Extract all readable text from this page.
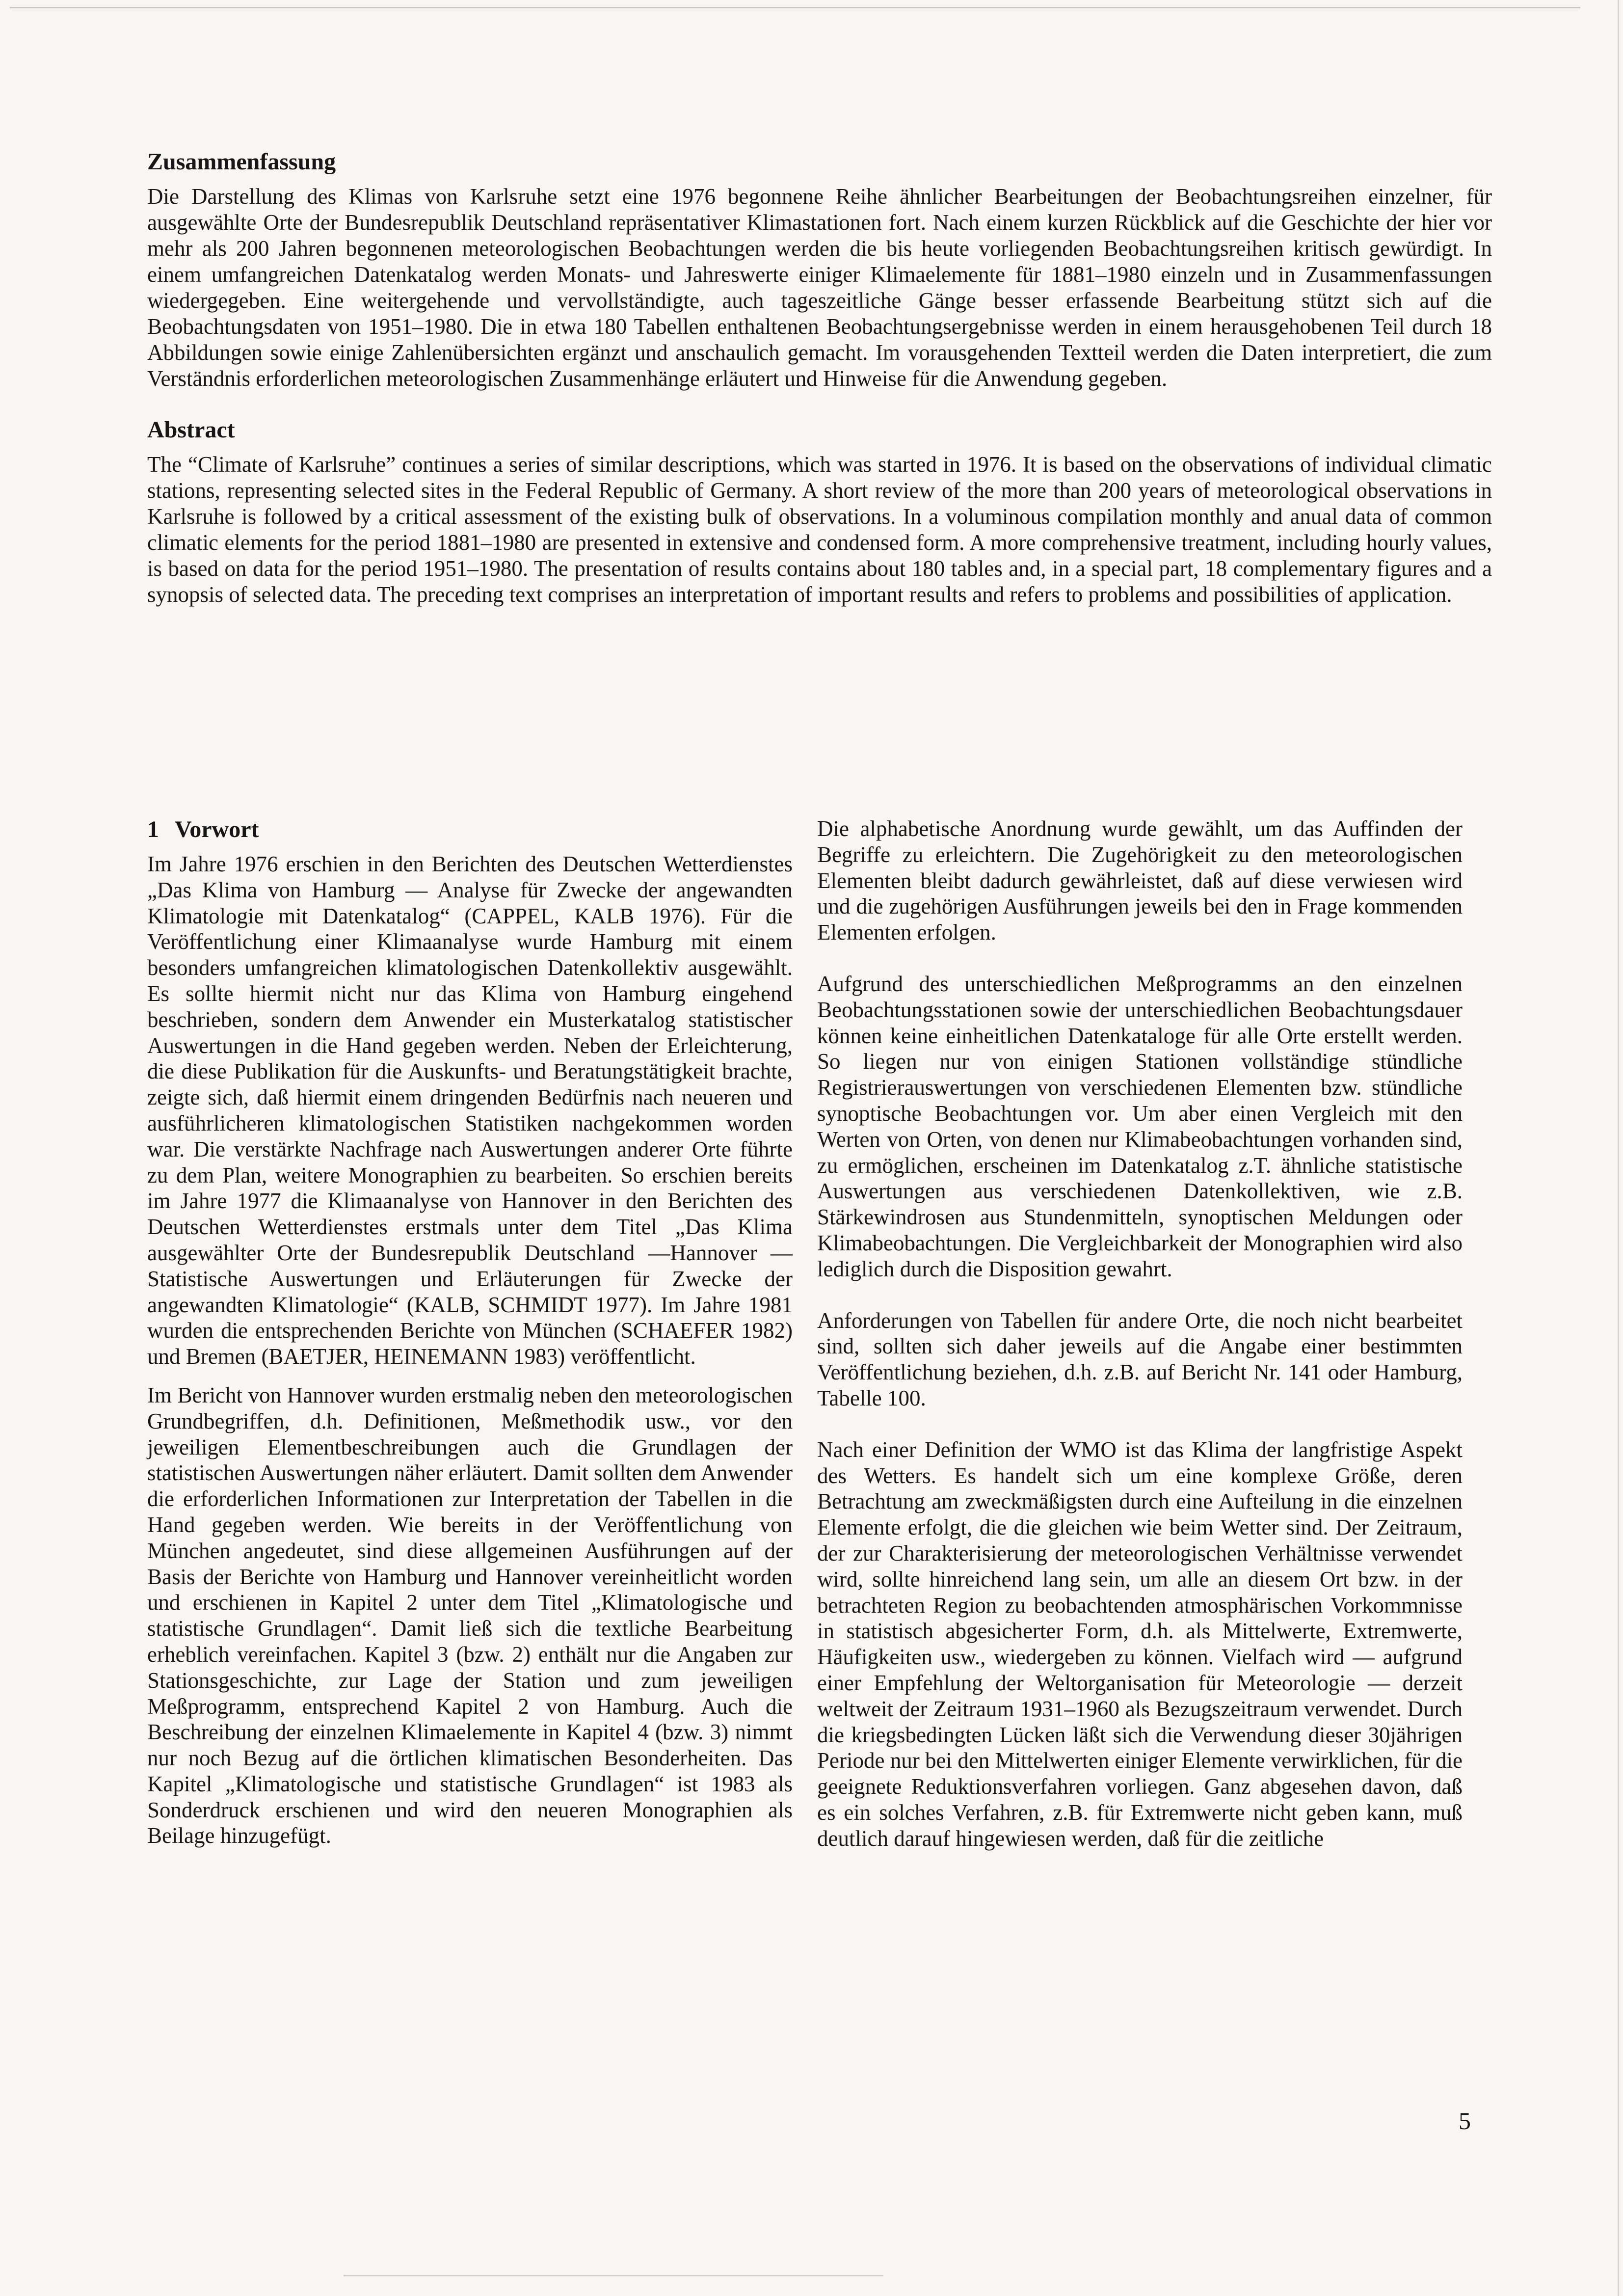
Zusammenfassung

Die Darstellung des Klimas von Karlsruhe setzt eine 1976 begonnene Reihe ähnlicher Bearbeitungen der Beobachtungsreihen einzelner, für ausgewählte Orte der Bundesrepublik Deutschland repräsentativer Klimastationen fort. Nach einem kurzen Rückblick auf die Geschichte der hier vor mehr als 200 Jahren begonnenen meteorologischen Beobachtungen werden die bis heute vorliegenden Beobachtungsreihen kritisch gewürdigt. In einem umfangreichen Datenkatalog werden Monats- und Jahreswerte einiger Klimaelemente für 1881–1980 einzeln und in Zusammenfassungen wiedergegeben. Eine weitergehende und vervollständigte, auch tageszeitliche Gänge besser erfassende Bearbeitung stützt sich auf die Beobachtungsdaten von 1951–1980. Die in etwa 180 Tabellen enthaltenen Beobachtungsergebnisse werden in einem herausgehobenen Teil durch 18 Abbildungen sowie einige Zahlenübersichten ergänzt und anschaulich gemacht. Im vorausgehenden Textteil werden die Daten interpretiert, die zum Verständnis erforderlichen meteorologischen Zusammenhänge erläutert und Hinweise für die Anwendung gegeben.

Abstract

The “Climate of Karlsruhe” continues a series of similar descriptions, which was started in 1976. It is based on the observations of individual climatic stations, representing selected sites in the Federal Republic of Germany. A short review of the more than 200 years of meteorological observations in Karlsruhe is followed by a critical assessment of the existing bulk of observations. In a voluminous compilation monthly and anual data of common climatic elements for the period 1881–1980 are presented in extensive and condensed form. A more comprehensive treatment, including hourly values, is based on data for the period 1951–1980. The presentation of results contains about 180 tables and, in a special part, 18 complementary figures and a synopsis of selected data. The preceding text comprises an interpretation of important results and refers to problems and possibilities of application.

1 Vorwort

Im Jahre 1976 erschien in den Berichten des Deutschen Wetterdienstes „Das Klima von Hamburg — Analyse für Zwecke der angewandten Klimatologie mit Datenkatalog“ (CAPPEL, KALB 1976). Für die Veröffentlichung einer Klimaanalyse wurde Hamburg mit einem besonders umfangreichen klimatologischen Datenkollektiv ausgewählt. Es sollte hiermit nicht nur das Klima von Hamburg eingehend beschrieben, sondern dem Anwender ein Musterkatalog statistischer Auswertungen in die Hand gegeben werden. Neben der Erleichterung, die diese Publikation für die Auskunfts- und Beratungstätigkeit brachte, zeigte sich, daß hiermit einem dringenden Bedürfnis nach neueren und ausführlicheren klimatologischen Statistiken nachgekommen worden war. Die verstärkte Nachfrage nach Auswertungen anderer Orte führte zu dem Plan, weitere Monographien zu bearbeiten. So erschien bereits im Jahre 1977 die Klimaanalyse von Hannover in den Berichten des Deutschen Wetterdienstes erstmals unter dem Titel „Das Klima ausgewählter Orte der Bundesrepublik Deutschland —Hannover — Statistische Auswertungen und Erläuterungen für Zwecke der angewandten Klimatologie“ (KALB, SCHMIDT 1977). Im Jahre 1981 wurden die entsprechenden Berichte von München (SCHAEFER 1982) und Bremen (BAETJER, HEINEMANN 1983) veröffentlicht.

Im Bericht von Hannover wurden erstmalig neben den meteorologischen Grundbegriffen, d.h. Definitionen, Meßmethodik usw., vor den jeweiligen Elementbeschreibungen auch die Grundlagen der statistischen Auswertungen näher erläutert. Damit sollten dem Anwender die erforderlichen Informationen zur Interpretation der Tabellen in die Hand gegeben werden. Wie bereits in der Veröffentlichung von München angedeutet, sind diese allgemeinen Ausführungen auf der Basis der Berichte von Hamburg und Hannover vereinheitlicht worden und erschienen in Kapitel 2 unter dem Titel „Klimatologische und statistische Grundlagen“. Damit ließ sich die textliche Bearbeitung erheblich vereinfachen. Kapitel 3 (bzw. 2) enthält nur die Angaben zur Stationsgeschichte, zur Lage der Station und zum jeweiligen Meßprogramm, entsprechend Kapitel 2 von Hamburg. Auch die Beschreibung der einzelnen Klimaelemente in Kapitel 4 (bzw. 3) nimmt nur noch Bezug auf die örtlichen klimatischen Besonderheiten. Das Kapitel „Klimatologische und statistische Grundlagen“ ist 1983 als Sonderdruck erschienen und wird den neueren Monographien als Beilage hinzugefügt.

Die alphabetische Anordnung wurde gewählt, um das Auffinden der Begriffe zu erleichtern. Die Zugehörigkeit zu den meteorologischen Elementen bleibt dadurch gewährleistet, daß auf diese verwiesen wird und die zugehörigen Ausführungen jeweils bei den in Frage kommenden Elementen erfolgen.

Aufgrund des unterschiedlichen Meßprogramms an den einzelnen Beobachtungsstationen sowie der unterschiedlichen Beobachtungsdauer können keine einheitlichen Datenkataloge für alle Orte erstellt werden. So liegen nur von einigen Stationen vollständige stündliche Registrierauswertungen von verschiedenen Elementen bzw. stündliche synoptische Beobachtungen vor. Um aber einen Vergleich mit den Werten von Orten, von denen nur Klimabeobachtungen vorhanden sind, zu ermöglichen, erscheinen im Datenkatalog z.T. ähnliche statistische Auswertungen aus verschiedenen Datenkollektiven, wie z.B. Stärkewindrosen aus Stundenmitteln, synoptischen Meldungen oder Klimabeobachtungen. Die Vergleichbarkeit der Monographien wird also lediglich durch die Disposition gewahrt.

Anforderungen von Tabellen für andere Orte, die noch nicht bearbeitet sind, sollten sich daher jeweils auf die Angabe einer bestimmten Veröffentlichung beziehen, d.h. z.B. auf Bericht Nr. 141 oder Hamburg, Tabelle 100.

Nach einer Definition der WMO ist das Klima der langfristige Aspekt des Wetters. Es handelt sich um eine komplexe Größe, deren Betrachtung am zweckmäßigsten durch eine Aufteilung in die einzelnen Elemente erfolgt, die die gleichen wie beim Wetter sind. Der Zeitraum, der zur Charakterisierung der meteorologischen Verhältnisse verwendet wird, sollte hinreichend lang sein, um alle an diesem Ort bzw. in der betrachteten Region zu beobachtenden atmosphärischen Vorkommnisse in statistisch abgesicherter Form, d.h. als Mittelwerte, Extremwerte, Häufigkeiten usw., wiedergeben zu können. Vielfach wird — aufgrund einer Empfehlung der Weltorganisation für Meteorologie — derzeit weltweit der Zeitraum 1931–1960 als Bezugszeitraum verwendet. Durch die kriegsbedingten Lücken läßt sich die Verwendung dieser 30jährigen Periode nur bei den Mittelwerten einiger Elemente verwirklichen, für die geeignete Reduktionsverfahren vorliegen. Ganz abgesehen davon, daß es ein solches Verfahren, z.B. für Extremwerte nicht geben kann, muß deutlich darauf hingewiesen werden, daß für die zeitliche

5
